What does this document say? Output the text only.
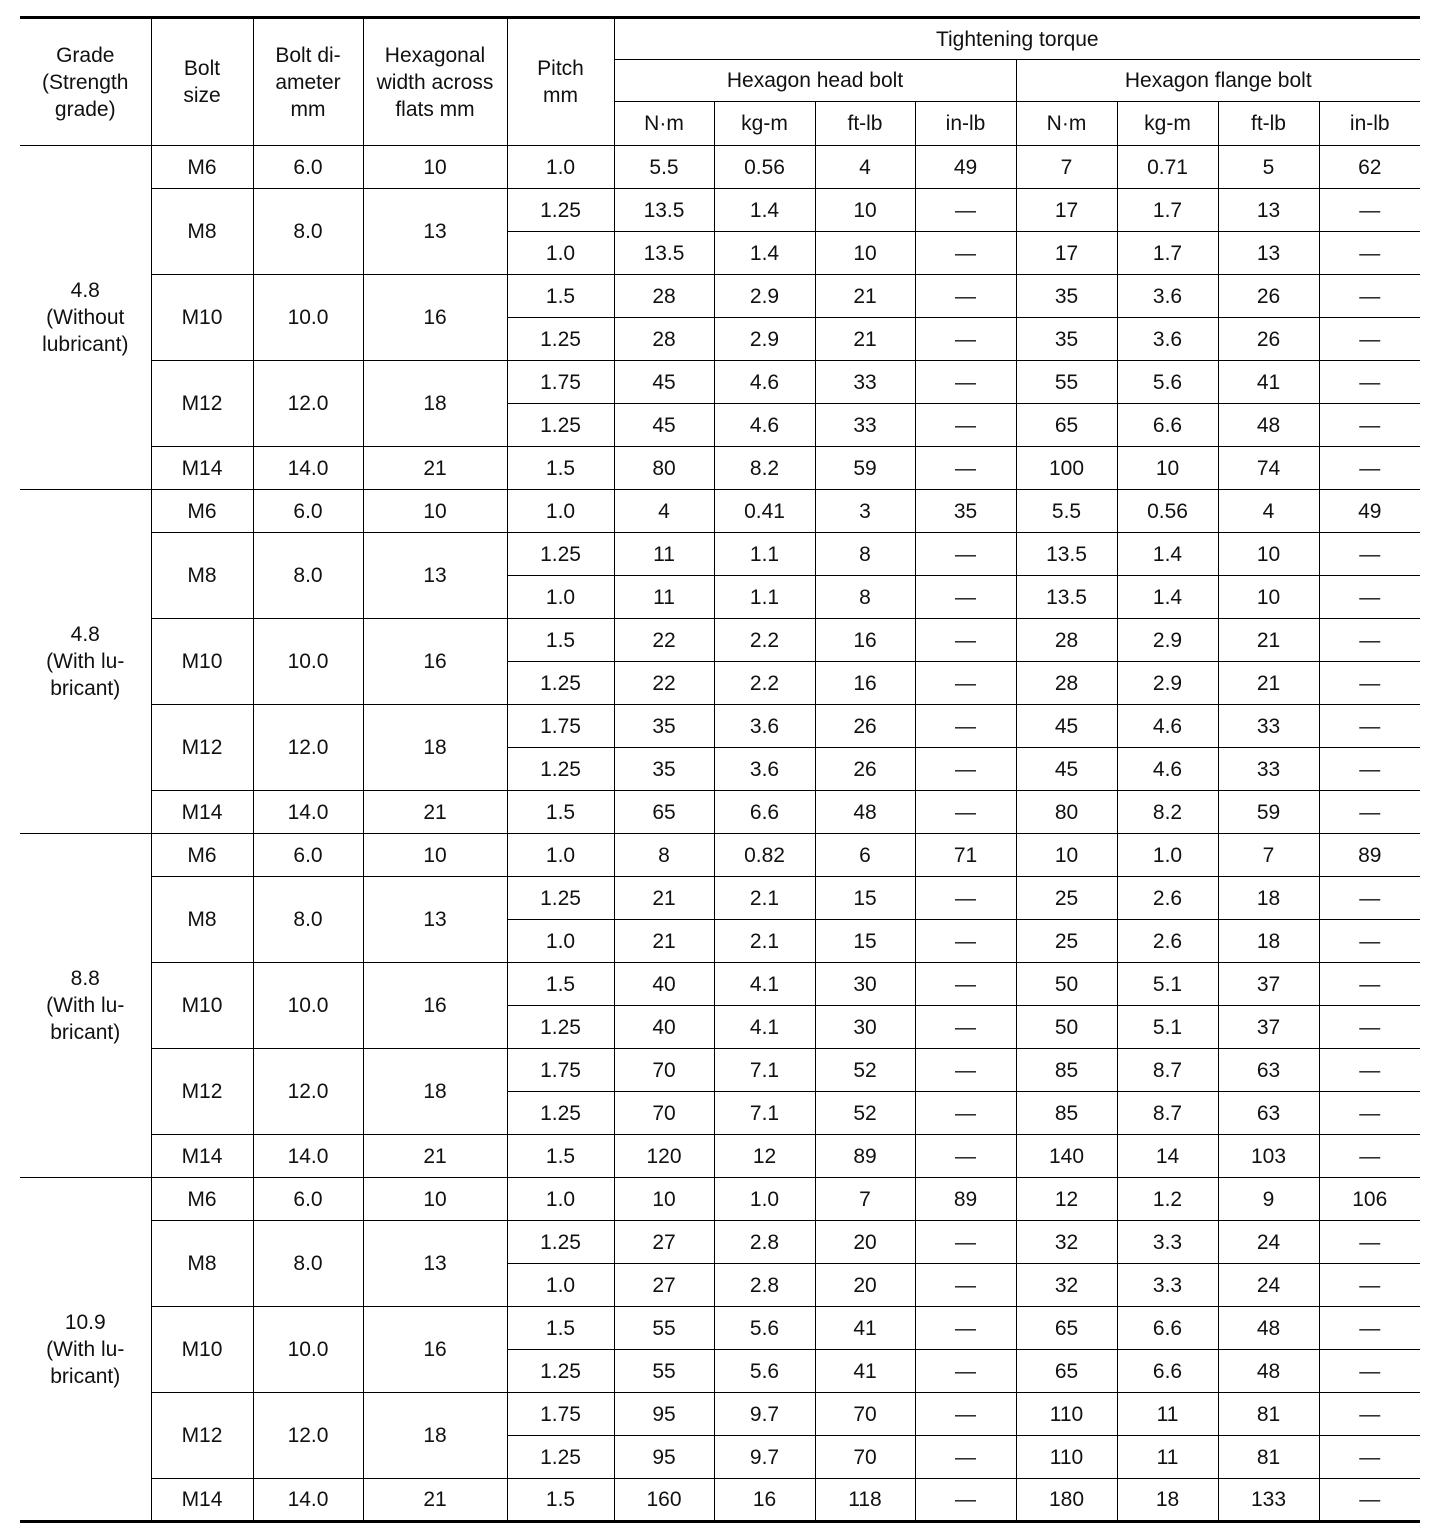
Grade (Strength grade)	Bolt size	Bolt di-ameter mm	Hexagonal width across flats mm	Pitch mm	Tightening torque							
					Hexagon head bolt				Hexagon flange bolt			
					N·m	kg-m	ft-lb	in-lb	N·m	kg-m	ft-lb	in-lb

4.8
(Without lubricant)	M6	6.0	10	1.0	5.5	0.56	4	49	7	0.71	5	62
	M8	8.0	13	1.25	13.5	1.4	10	—	17	1.7	13	—
				1.0	13.5	1.4	10	—	17	1.7	13	—
	M10	10.0	16	1.5	28	2.9	21	—	35	3.6	26	—
				1.25	28	2.9	21	—	35	3.6	26	—
	M12	12.0	18	1.75	45	4.6	33	—	55	5.6	41	—
				1.25	45	4.6	33	—	65	6.6	48	—
	M14	14.0	21	1.5	80	8.2	59	—	100	10	74	—

4.8
(With lu-bricant)	M6	6.0	10	1.0	4	0.41	3	35	5.5	0.56	4	49
	M8	8.0	13	1.25	11	1.1	8	—	13.5	1.4	10	—
				1.0	11	1.1	8	—	13.5	1.4	10	—
	M10	10.0	16	1.5	22	2.2	16	—	28	2.9	21	—
				1.25	22	2.2	16	—	28	2.9	21	—
	M12	12.0	18	1.75	35	3.6	26	—	45	4.6	33	—
				1.25	35	3.6	26	—	45	4.6	33	—
	M14	14.0	21	1.5	65	6.6	48	—	80	8.2	59	—

8.8
(With lu-bricant)	M6	6.0	10	1.0	8	0.82	6	71	10	1.0	7	89
	M8	8.0	13	1.25	21	2.1	15	—	25	2.6	18	—
				1.0	21	2.1	15	—	25	2.6	18	—
	M10	10.0	16	1.5	40	4.1	30	—	50	5.1	37	—
				1.25	40	4.1	30	—	50	5.1	37	—
	M12	12.0	18	1.75	70	7.1	52	—	85	8.7	63	—
				1.25	70	7.1	52	—	85	8.7	63	—
	M14	14.0	21	1.5	120	12	89	—	140	14	103	—

10.9
(With lu-bricant)	M6	6.0	10	1.0	10	1.0	7	89	12	1.2	9	106
	M8	8.0	13	1.25	27	2.8	20	—	32	3.3	24	—
				1.0	27	2.8	20	—	32	3.3	24	—
	M10	10.0	16	1.5	55	5.6	41	—	65	6.6	48	—
				1.25	55	5.6	41	—	65	6.6	48	—
	M12	12.0	18	1.75	95	9.7	70	—	110	11	81	—
				1.25	95	9.7	70	—	110	11	81	—
	M14	14.0	21	1.5	160	16	118	—	180	18	133	—
